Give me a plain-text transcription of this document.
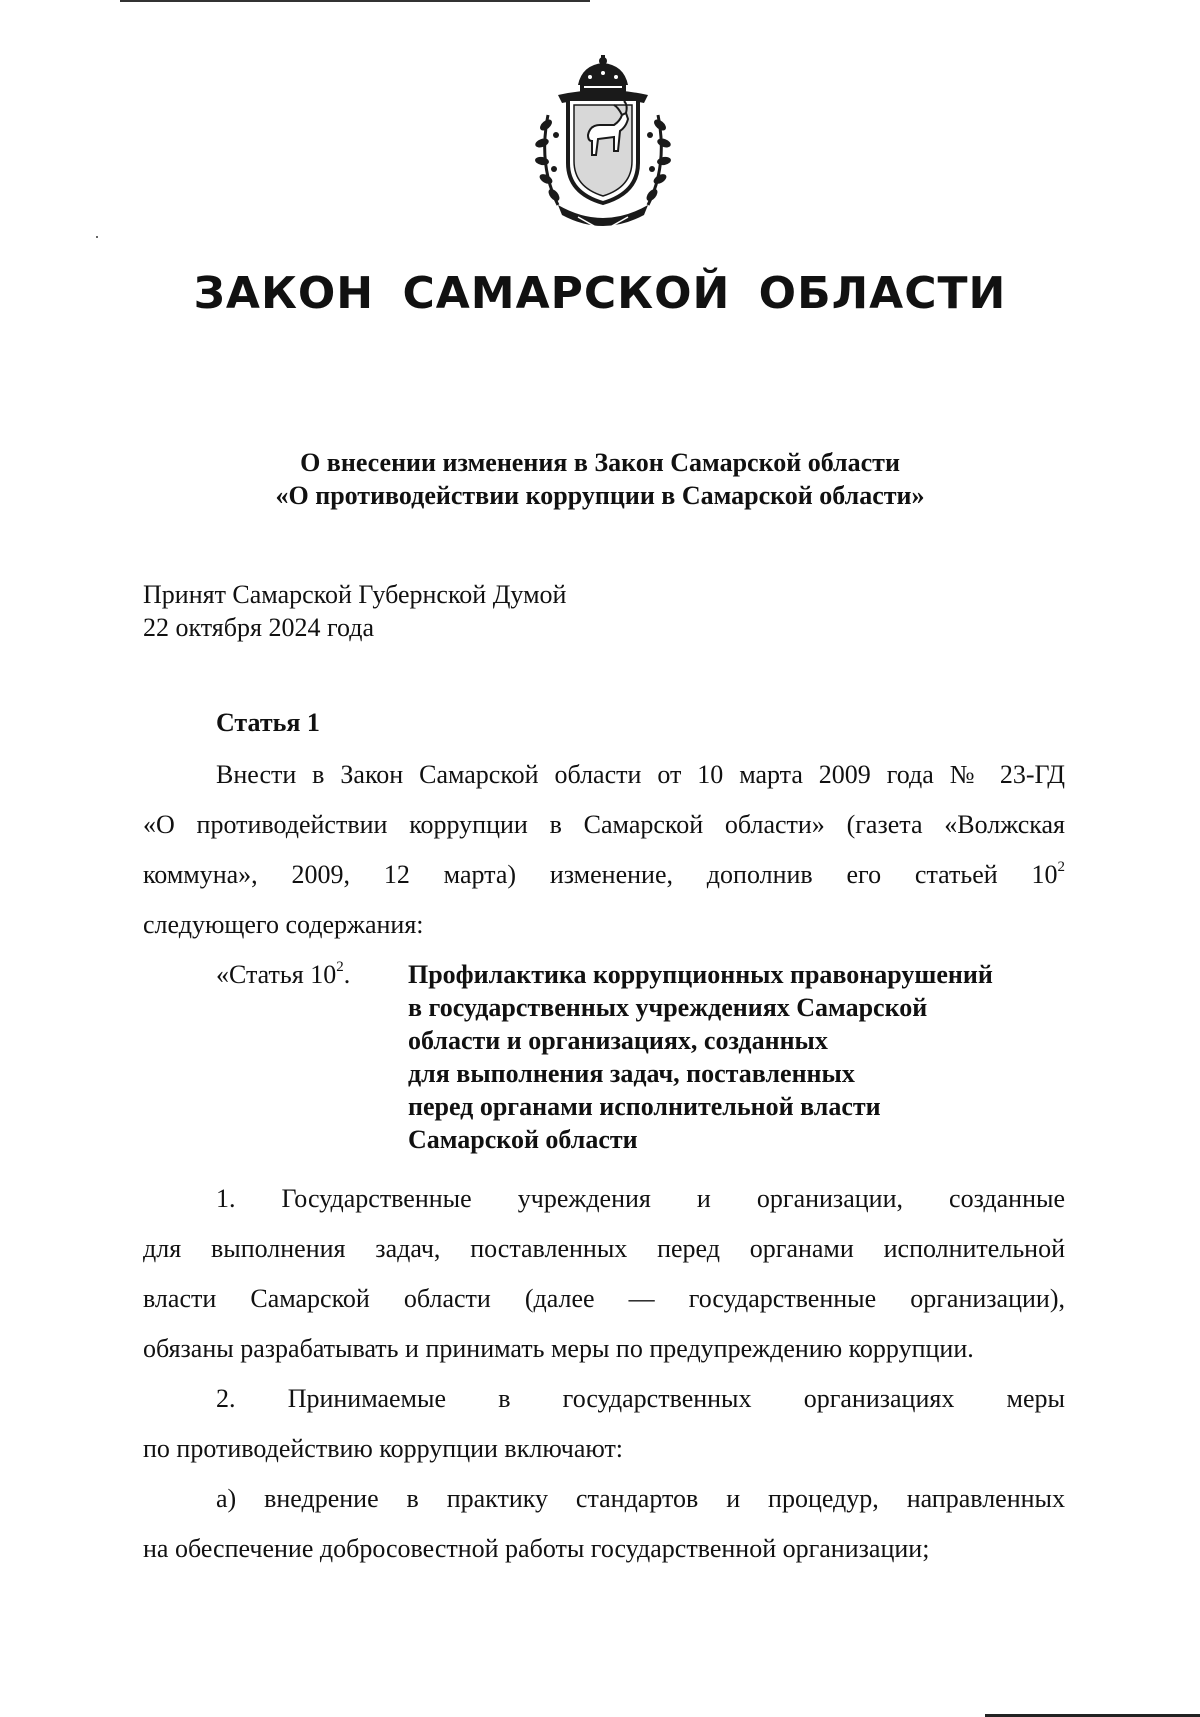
ЗАКОН САМАРСКОЙ ОБЛАСТИ
О внесении изменения в Закон Самарской области
«О противодействии коррупции в Самарской области»
Принят Самарской Губернской Думой
22 октября 2024 года
Статья 1
Внести в Закон Самарской области от 10 марта 2009 года № 23-ГД
«О противодействии коррупции в Самарской области» (газета «Волжская
коммуна», 2009, 12 марта) изменение, дополнив его статьей $10^2$
следующего содержания:
«Статья $10^2$. Профилактика коррупционных правонарушений
в государственных учреждениях Самарской
области и организациях, созданных
для выполнения задач, поставленных
перед органами исполнительной власти
Самарской области
1. Государственные учреждения и организации, созданные
для выполнения задач, поставленных перед органами исполнительной
власти Самарской области (далее — государственные организации),
обязаны разрабатывать и принимать меры по предупреждению коррупции.
2. Принимаемые в государственных организациях меры
по противодействию коррупции включают:
а) внедрение в практику стандартов и процедур, направленных
на обеспечение добросовестной работы государственной организации;
